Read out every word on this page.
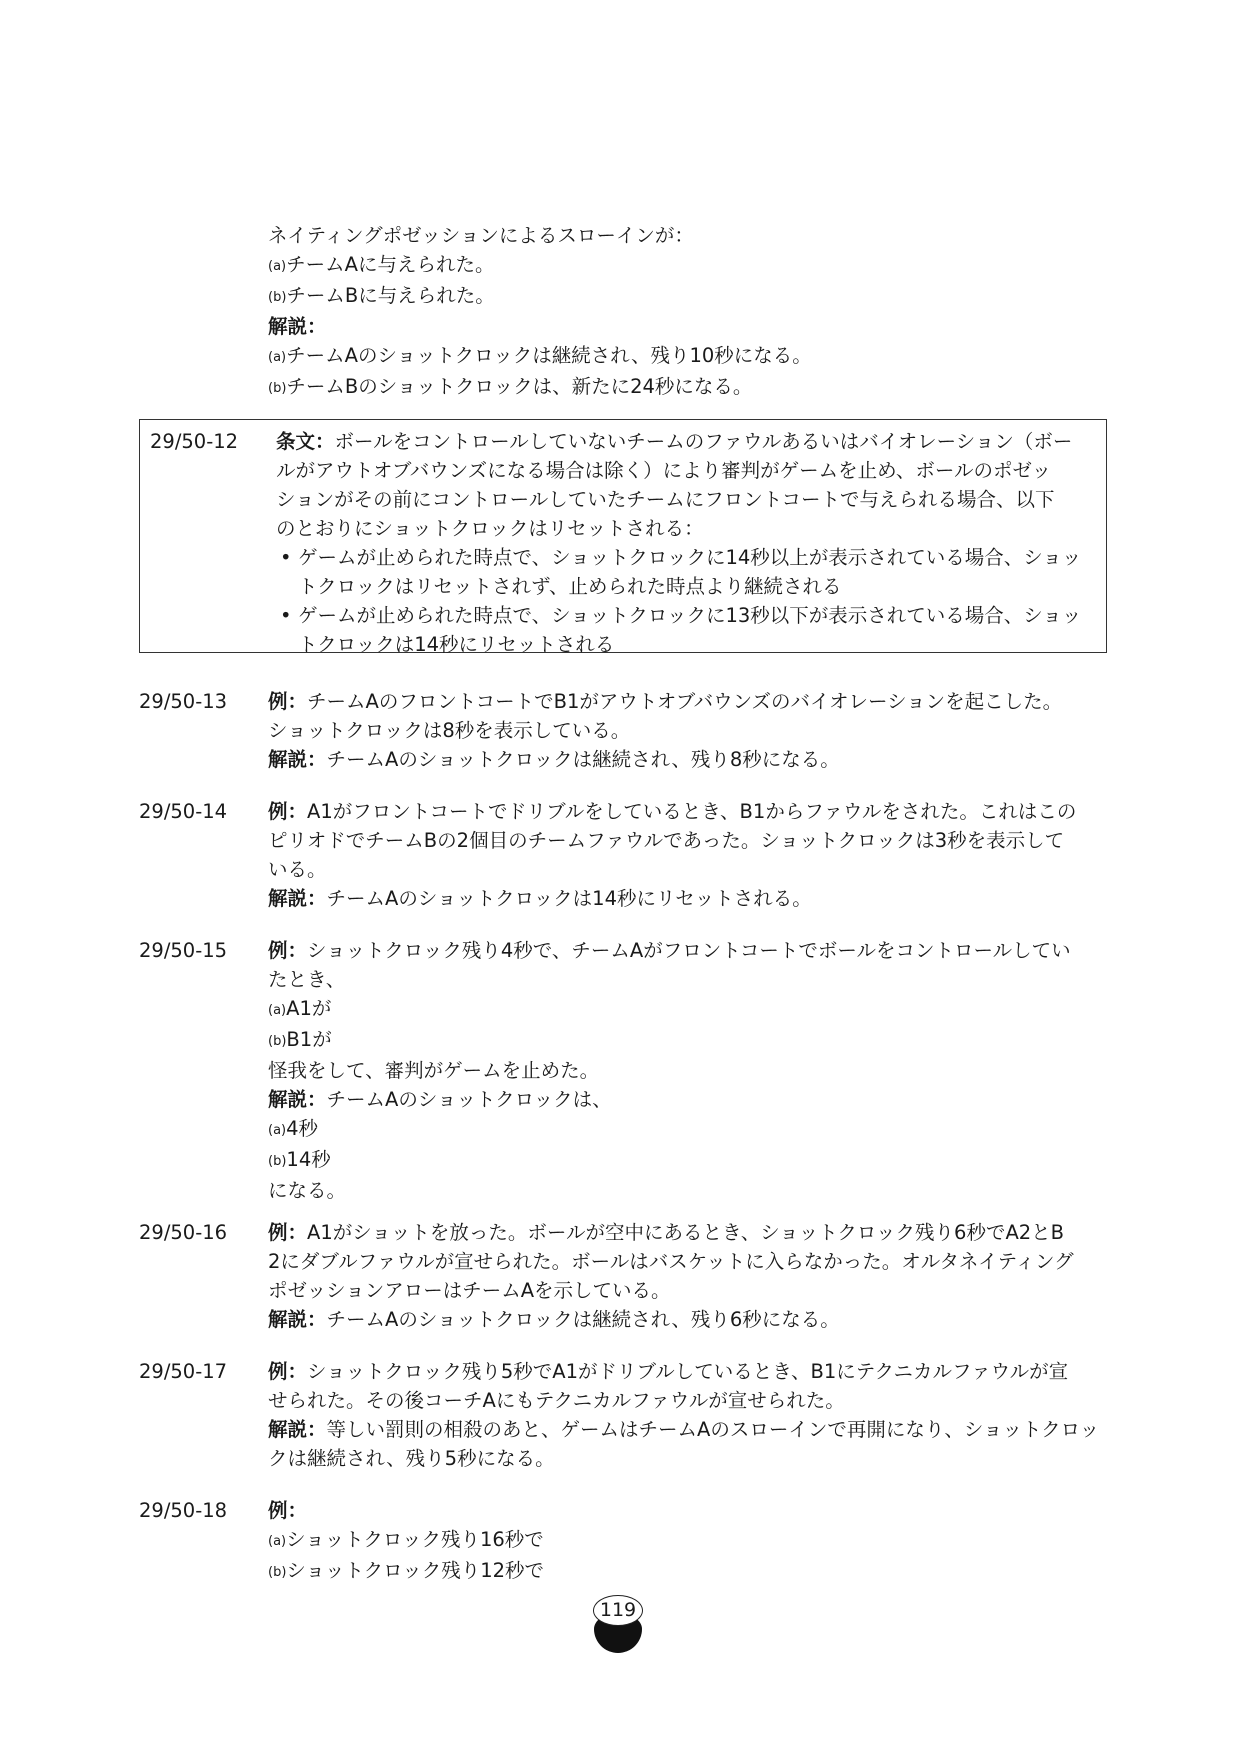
ネイティングポゼッションによるスローインが：
(a)チームAに与えられた。
(b)チームBに与えられた。
解説：
(a)チームAのショットクロックは継続され、残り10秒になる。
(b)チームBのショットクロックは、新たに24秒になる。
29/50-12 条文：ボールをコントロールしていないチームのファウルあるいはバイオレーション（ボー
ルがアウトオブバウンズになる場合は除く）により審判がゲームを止め、ボールのポゼッ
ションがその前にコントロールしていたチームにフロントコートで与えられる場合、以下
のとおりにショットクロックはリセットされる：
• ゲームが止められた時点で、ショットクロックに14秒以上が表示されている場合、ショッ
トクロックはリセットされず、止められた時点より継続される
• ゲームが止められた時点で、ショットクロックに13秒以下が表示されている場合、ショッ
トクロックは14秒にリセットされる
29/50-13 例：チームAのフロントコートでB1がアウトオブバウンズのバイオレーションを起こした。
ショットクロックは8秒を表示している。
解説：チームAのショットクロックは継続され、残り8秒になる。
29/50-14 例：A1がフロントコートでドリブルをしているとき、B1からファウルをされた。これはこの
ピリオドでチームBの2個目のチームファウルであった。ショットクロックは3秒を表示して
いる。
解説：チームAのショットクロックは14秒にリセットされる。
29/50-15 例：ショットクロック残り4秒で、チームAがフロントコートでボールをコントロールしてい
たとき、
(a)A1が
(b)B1が
怪我をして、審判がゲームを止めた。
解説：チームAのショットクロックは、
(a)4秒
(b)14秒
になる。
29/50-16 例：A1がショットを放った。ボールが空中にあるとき、ショットクロック残り6秒でA2とB
2にダブルファウルが宣せられた。ボールはバスケットに入らなかった。オルタネイティング
ポゼッションアローはチームAを示している。
解説：チームAのショットクロックは継続され、残り6秒になる。
29/50-17 例：ショットクロック残り5秒でA1がドリブルしているとき、B1にテクニカルファウルが宣
せられた。その後コーチAにもテクニカルファウルが宣せられた。
解説：等しい罰則の相殺のあと、ゲームはチームAのスローインで再開になり、ショットクロッ
クは継続され、残り5秒になる。
29/50-18 例：
(a)ショットクロック残り16秒で
(b)ショットクロック残り12秒で
119
